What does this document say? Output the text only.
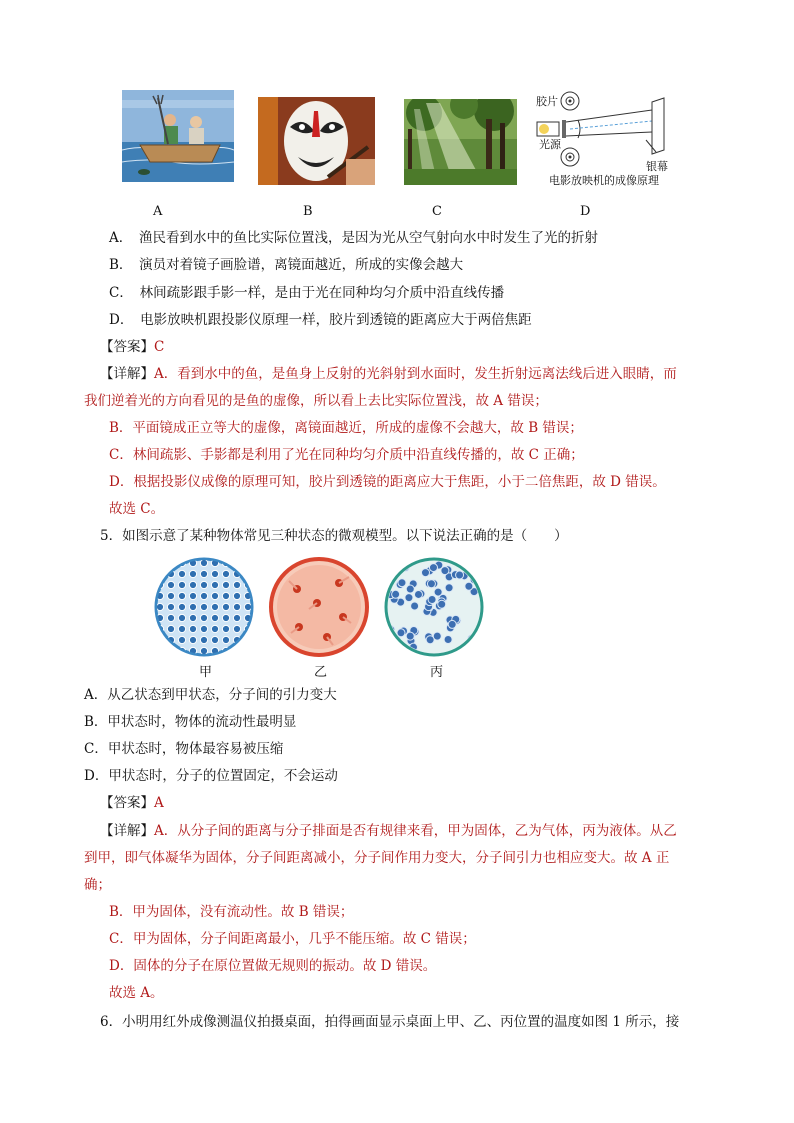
胶片
光源
银幕
电影放映机的成像原理
A	B	C	D
A．　渔民看到水中的鱼比实际位置浅，是因为光从空气射向水中时发生了光的折射
B．　演员对着镜子画脸谱，离镜面越近，所成的实像会越大
C．　林间疏影跟手影一样，是由于光在同种均匀介质中沿直线传播
D．　电影放映机跟投影仪原理一样，胶片到透镜的距离应大于两倍焦距
【答案】C
【详解】A．看到水中的鱼，是鱼身上反射的光斜射到水面时，发生折射远离法线后进入眼睛，而
我们逆着光的方向看见的是鱼的虚像，所以看上去比实际位置浅，故 A 错误；
B．平面镜成正立等大的虚像，离镜面越近，所成的虚像不会越大，故 B 错误；
C．林间疏影、手影都是利用了光在同种均匀介质中沿直线传播的，故 C 正确；
D．根据投影仪成像的原理可知，胶片到透镜的距离应大于焦距，小于二倍焦距，故 D 错误。
故选 C。
5．如图示意了某种物体常见三种状态的微观模型。以下说法正确的是（　　）
甲	乙	丙
A．从乙状态到甲状态，分子间的引力变大
B．甲状态时，物体的流动性最明显
C．甲状态时，物体最容易被压缩
D．甲状态时，分子的位置固定，不会运动
【答案】A
【详解】A．从分子间的距离与分子排面是否有规律来看，甲为固体，乙为气体，丙为液体。从乙
到甲，即气体凝华为固体，分子间距离减小，分子间作用力变大，分子间引力也相应变大。故 A 正
确；
B．甲为固体，没有流动性。故 B 错误；
C．甲为固体，分子间距离最小，几乎不能压缩。故 C 错误；
D．固体的分子在原位置做无规则的振动。故 D 错误。
故选 A。
6．小明用红外成像测温仪拍摄桌面，拍得画面显示桌面上甲、乙、丙位置的温度如图 1 所示，接
